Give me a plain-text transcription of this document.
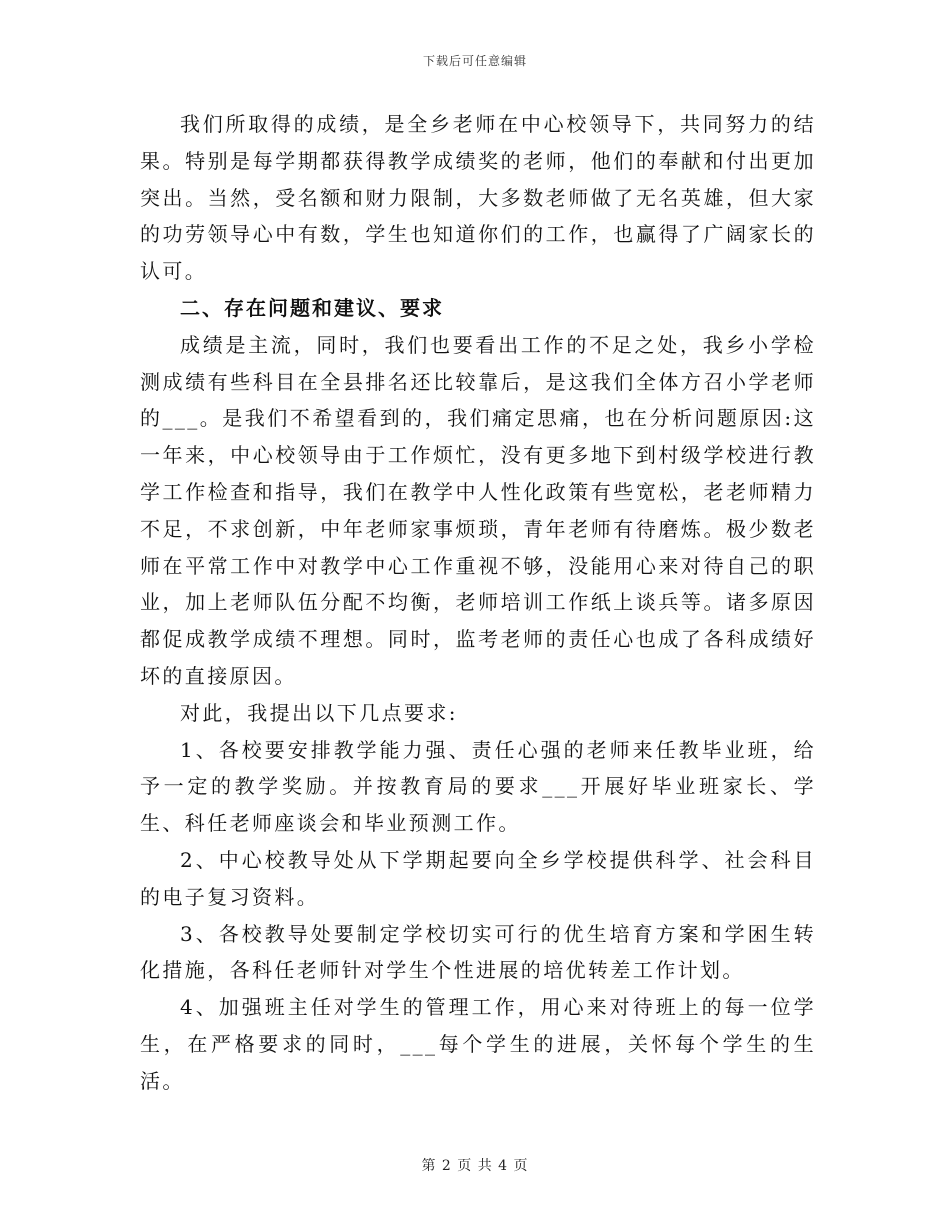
下载后可任意编辑

我们所取得的成绩，是全乡老师在中心校领导下，共同努力的结果。特别是每学期都获得教学成绩奖的老师，他们的奉献和付出更加突出。当然，受名额和财力限制，大多数老师做了无名英雄，但大家的功劳领导心中有数，学生也知道你们的工作，也赢得了广阔家长的认可。

二、存在问题和建议、要求

成绩是主流，同时，我们也要看出工作的不足之处，我乡小学检测成绩有些科目在全县排名还比较靠后，是这我们全体方召小学老师的___。是我们不希望看到的，我们痛定思痛，也在分析问题原因:这一年来，中心校领导由于工作烦忙，没有更多地下到村级学校进行教学工作检查和指导，我们在教学中人性化政策有些宽松，老老师精力不足，不求创新，中年老师家事烦琐，青年老师有待磨炼。极少数老师在平常工作中对教学中心工作重视不够，没能用心来对待自己的职业，加上老师队伍分配不均衡，老师培训工作纸上谈兵等。诸多原因都促成教学成绩不理想。同时，监考老师的责任心也成了各科成绩好坏的直接原因。

对此，我提出以下几点要求:

1、各校要安排教学能力强、责任心强的老师来任教毕业班，给予一定的教学奖励。并按教育局的要求___开展好毕业班家长、学生、科任老师座谈会和毕业预测工作。

2、中心校教导处从下学期起要向全乡学校提供科学、社会科目的电子复习资料。

3、各校教导处要制定学校切实可行的优生培育方案和学困生转化措施，各科任老师针对学生个性进展的培优转差工作计划。

4、加强班主任对学生的管理工作，用心来对待班上的每一位学生，在严格要求的同时，___每个学生的进展，关怀每个学生的生活。

第 2 页 共 4 页
